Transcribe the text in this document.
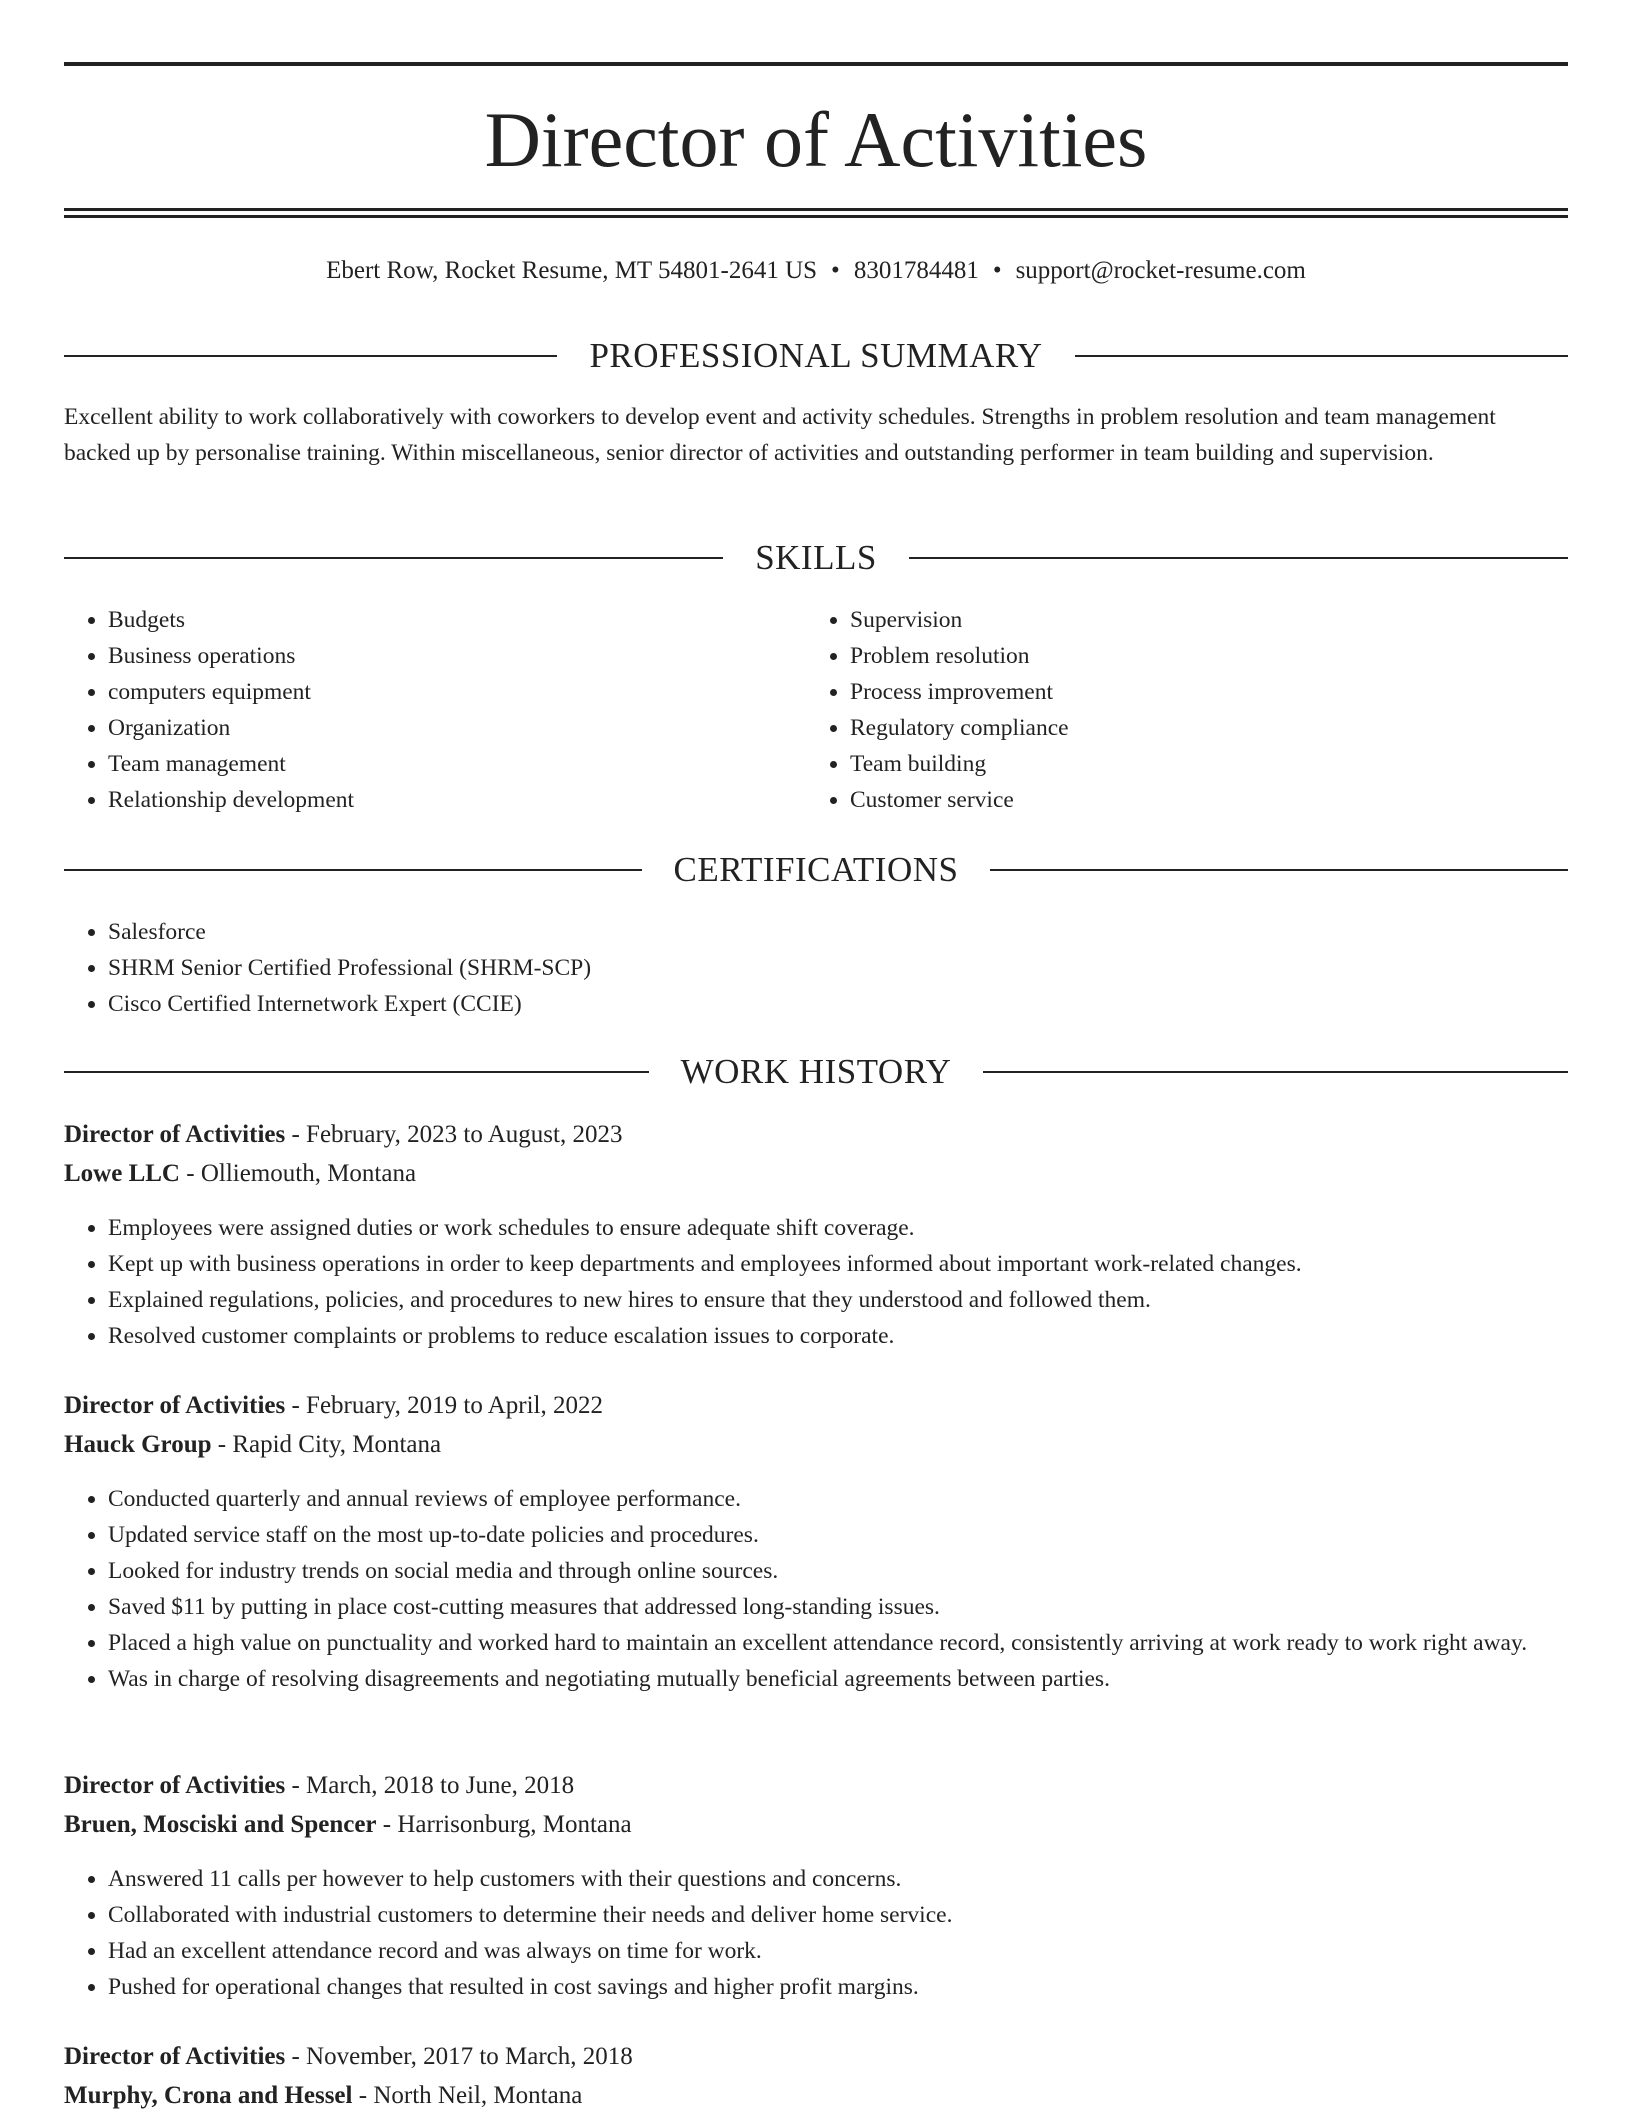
Director of Activities
Ebert Row, Rocket Resume, MT 54801-2641 US • 8301784481 • support@rocket-resume.com
PROFESSIONAL SUMMARY

Excellent ability to work collaboratively with coworkers to develop event and activity schedules. Strengths in problem resolution and team management backed up by personalise training. Within miscellaneous, senior director of activities and outstanding performer in team building and supervision.

SKILLS
• Budgets
• Business operations
• computers equipment
• Organization
• Team management
• Relationship development
• Supervision
• Problem resolution
• Process improvement
• Regulatory compliance
• Team building
• Customer service
CERTIFICATIONS
• Salesforce
• SHRM Senior Certified Professional (SHRM-SCP)
• Cisco Certified Internetwork Expert (CCIE)
WORK HISTORY
Director of Activities - February, 2023 to August, 2023
Lowe LLC - Olliemouth, Montana
• Employees were assigned duties or work schedules to ensure adequate shift coverage.
• Kept up with business operations in order to keep departments and employees informed about important work-related changes.
• Explained regulations, policies, and procedures to new hires to ensure that they understood and followed them.
• Resolved customer complaints or problems to reduce escalation issues to corporate.
Director of Activities - February, 2019 to April, 2022
Hauck Group - Rapid City, Montana
• Conducted quarterly and annual reviews of employee performance.
• Updated service staff on the most up-to-date policies and procedures.
• Looked for industry trends on social media and through online sources.
• Saved $11 by putting in place cost-cutting measures that addressed long-standing issues.
• Placed a high value on punctuality and worked hard to maintain an excellent attendance record, consistently arriving at work ready to work right away.
• Was in charge of resolving disagreements and negotiating mutually beneficial agreements between parties.
Director of Activities - March, 2018 to June, 2018
Bruen, Mosciski and Spencer - Harrisonburg, Montana
• Answered 11 calls per however to help customers with their questions and concerns.
• Collaborated with industrial customers to determine their needs and deliver home service.
• Had an excellent attendance record and was always on time for work.
• Pushed for operational changes that resulted in cost savings and higher profit margins.
Director of Activities - November, 2017 to March, 2018
Murphy, Crona and Hessel - North Neil, Montana
